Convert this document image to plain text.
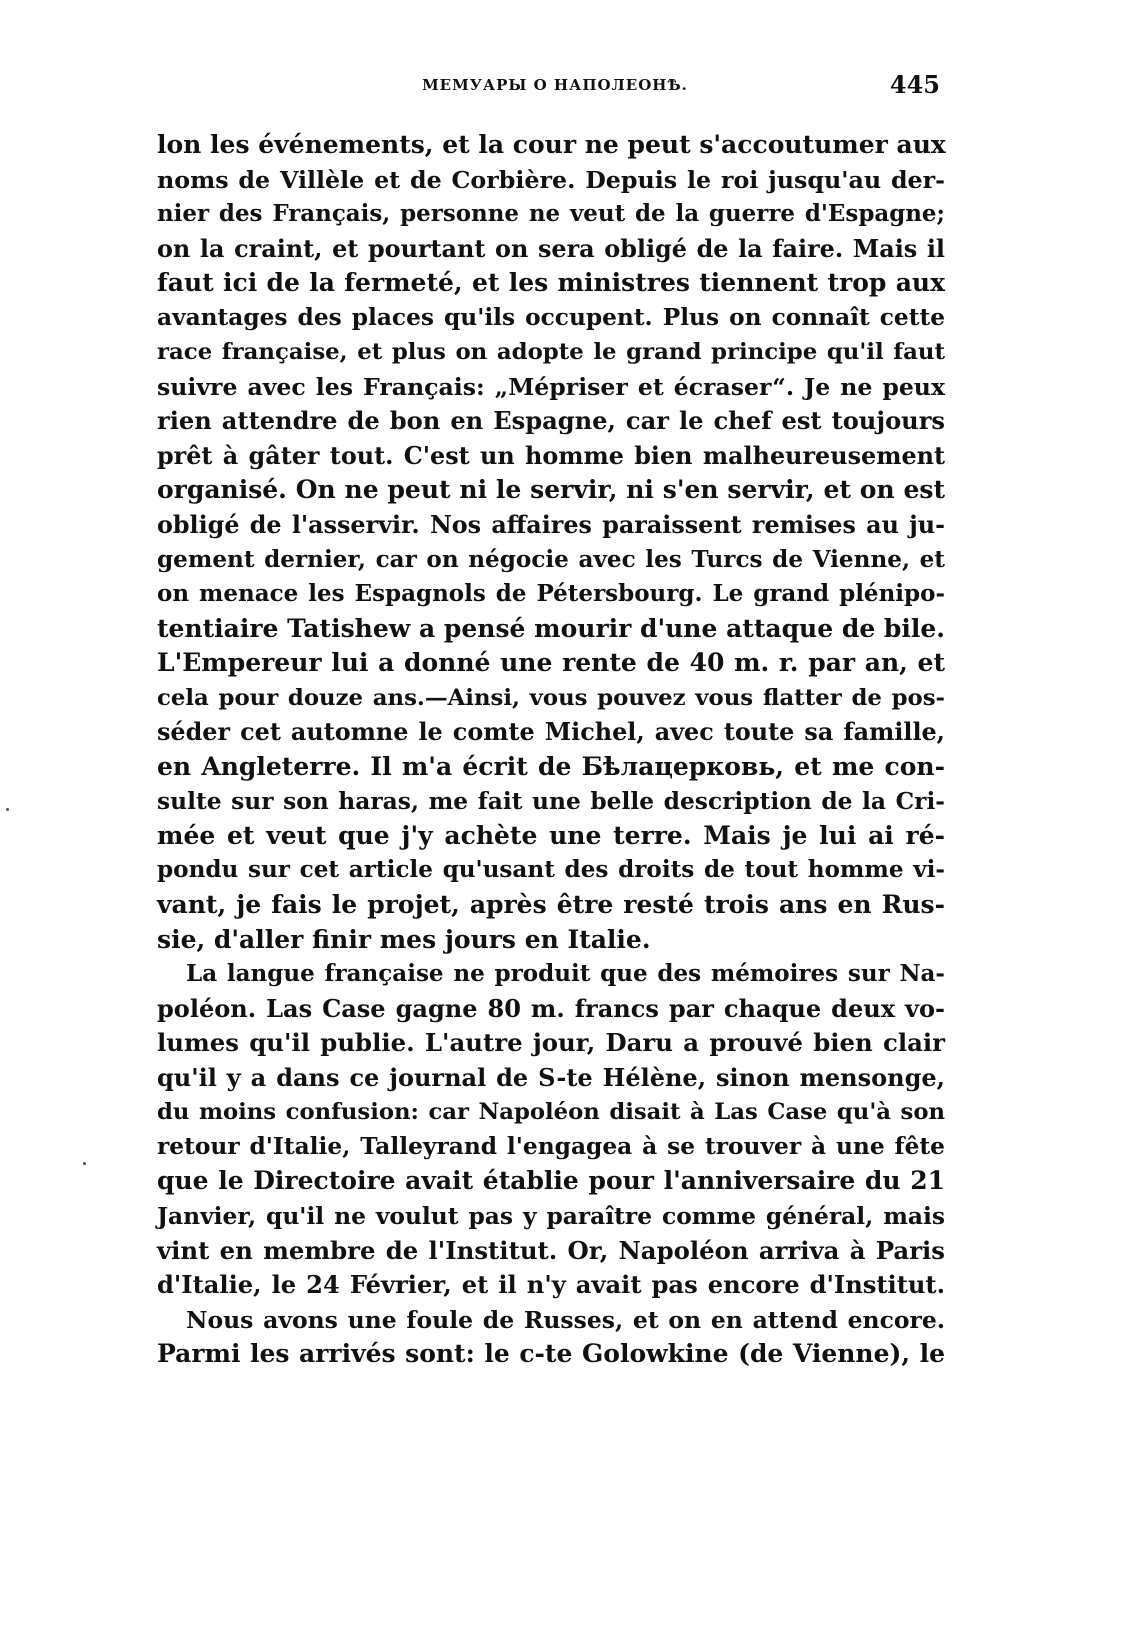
МЕМУАРЫ О НАПОЛЕОНѢ.	445
lon les événements, et la cour ne peut s'accoutumer aux
noms de Villèle et de Corbière. Depuis le roi jusqu'au der-
nier des Français, personne ne veut de la guerre d'Espagne;
on la craint, et pourtant on sera obligé de la faire. Mais il
faut ici de la fermeté, et les ministres tiennent trop aux
avantages des places qu'ils occupent. Plus on connaît cette
race française, et plus on adopte le grand principe qu'il faut
suivre avec les Français: „Mépriser et écraser“. Je ne peux
rien attendre de bon en Espagne, car le chef est toujours
prêt à gâter tout. C'est un homme bien malheureusement
organisé. On ne peut ni le servir, ni s'en servir, et on est
obligé de l'asservir. Nos affaires paraissent remises au ju-
gement dernier, car on négocie avec les Turcs de Vienne, et
on menace les Espagnols de Pétersbourg. Le grand plénipo-
tentiaire Tatishew a pensé mourir d'une attaque de bile.
L'Empereur lui a donné une rente de 40 m. r. par an, et
cela pour douze ans.—Ainsi, vous pouvez vous flatter de pos-
séder cet automne le comte Michel, avec toute sa famille,
en Angleterre. Il m'a écrit de Бѣлацерковь, et me con-
sulte sur son haras, me fait une belle description de la Cri-
mée et veut que j'y achète une terre. Mais je lui ai ré-
pondu sur cet article qu'usant des droits de tout homme vi-
vant, je fais le projet, après être resté trois ans en Rus-
sie, d'aller finir mes jours en Italie.
La langue française ne produit que des mémoires sur Na-
poléon. Las Case gagne 80 m. francs par chaque deux vo-
lumes qu'il publie. L'autre jour, Daru a prouvé bien clair
qu'il y a dans ce journal de S-te Hélène, sinon mensonge,
du moins confusion: car Napoléon disait à Las Case qu'à son
retour d'Italie, Talleyrand l'engagea à se trouver à une fête
que le Directoire avait établie pour l'anniversaire du 21
Janvier, qu'il ne voulut pas y paraître comme général, mais
vint en membre de l'Institut. Or, Napoléon arriva à Paris
d'Italie, le 24 Février, et il n'y avait pas encore d'Institut.
Nous avons une foule de Russes, et on en attend encore.
Parmi les arrivés sont: le c-te Golowkine (de Vienne), le
